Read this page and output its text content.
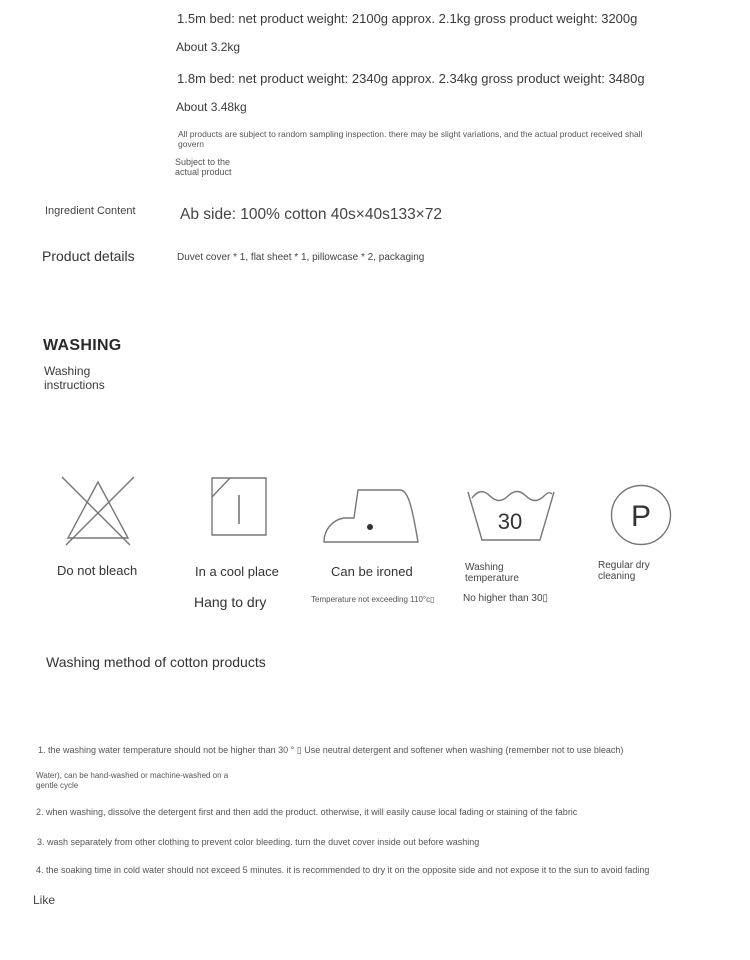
1.5m bed: net product weight: 2100g approx. 2.1kg gross product weight: 3200g
About 3.2kg
1.8m bed: net product weight: 2340g approx. 2.34kg gross product weight: 3480g
About 3.48kg
All products are subject to random sampling inspection. there may be slight variations, and the actual product received shall
govern
Subject to the
actual product
Ingredient Content	Ab side: 100% cotton 40s×40s133×72
Product details	Duvet cover * 1, flat sheet * 1, pillowcase * 2, packaging
WASHING
Washing
instructions
Do not bleach	In a cool place
Hang to dry
Can be ironed
Temperature not exceeding 110°c▯
30
Washing
temperature
No higher than 30▯
P
Regular dry
cleaning
Washing method of cotton products
1. the washing water temperature should not be higher than 30 ° ▯ Use neutral detergent and softener when washing (remember not to use bleach)
Water), can be hand-washed or machine-washed on a
gentle cycle
2. when washing, dissolve the detergent first and then add the product. otherwise, it will easily cause local fading or staining of the fabric
3. wash separately from other clothing to prevent color bleeding. turn the duvet cover inside out before washing
4. the soaking time in cold water should not exceed 5 minutes. it is recommended to dry it on the opposite side and not expose it to the sun to avoid fading
Like
